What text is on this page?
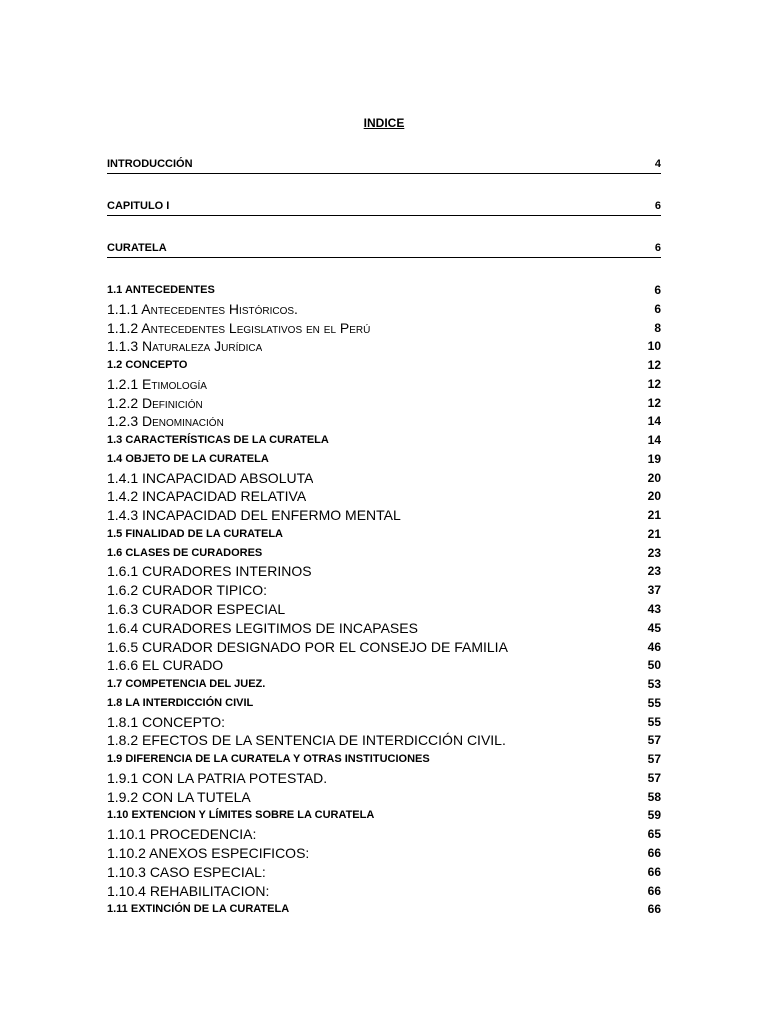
INDICE
INTRODUCCIÓN	4
CAPITULO I	6
CURATELA	6
1.1 ANTECEDENTES	6
1.1.1 Antecedentes Históricos.	6
1.1.2 Antecedentes Legislativos en el Perú	8
1.1.3 Naturaleza Jurídica	10
1.2 CONCEPTO	12
1.2.1 Etimología	12
1.2.2 Definición	12
1.2.3 Denominación	14
1.3 CARACTERÍSTICAS DE LA CURATELA	14
1.4 OBJETO DE LA CURATELA	19
1.4.1 INCAPACIDAD ABSOLUTA	20
1.4.2 INCAPACIDAD RELATIVA	20
1.4.3 INCAPACIDAD DEL ENFERMO MENTAL	21
1.5 FINALIDAD DE LA CURATELA	21
1.6 CLASES DE CURADORES	23
1.6.1 CURADORES INTERINOS	23
1.6.2 CURADOR TIPICO:	37
1.6.3 CURADOR ESPECIAL	43
1.6.4 CURADORES LEGITIMOS DE INCAPASES	45
1.6.5 CURADOR DESIGNADO POR EL CONSEJO DE FAMILIA	46
1.6.6 EL CURADO	50
1.7 COMPETENCIA DEL JUEZ.	53
1.8 LA INTERDICCIÓN CIVIL	55
1.8.1 CONCEPTO:	55
1.8.2 EFECTOS DE LA SENTENCIA DE INTERDICCIÓN CIVIL.	57
1.9 DIFERENCIA DE LA CURATELA Y OTRAS INSTITUCIONES	57
1.9.1 CON LA PATRIA POTESTAD.	57
1.9.2 CON LA TUTELA	58
1.10 EXTENCION Y LÍMITES SOBRE LA CURATELA	59
1.10.1 PROCEDENCIA:	65
1.10.2 ANEXOS ESPECIFICOS:	66
1.10.3 CASO ESPECIAL:	66
1.10.4 REHABILITACION:	66
1.11 EXTINCIÓN DE LA CURATELA	66
